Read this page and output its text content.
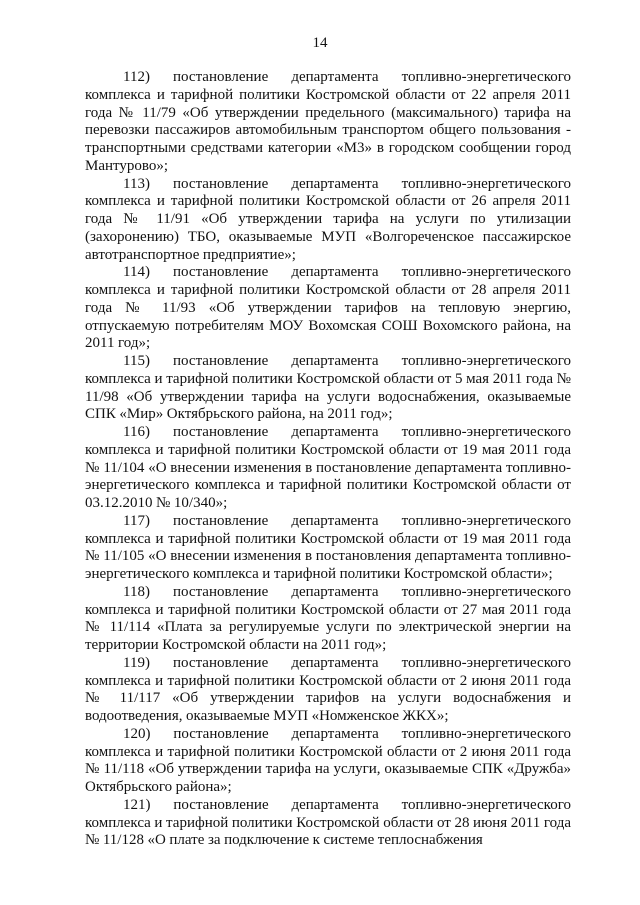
14

112) постановление департамента топливно-энергетического комплекса и тарифной политики Костромской области от 22 апреля 2011 года № 11/79 «Об утверждении предельного (максимального) тарифа на перевозки пассажиров автомобильным транспортом общего пользования - транспортными средствами категории «М3» в городском сообщении город Мантурово»;

113) постановление департамента топливно-энергетического комплекса и тарифной политики Костромской области от 26 апреля 2011 года № 11/91 «Об утверждении тарифа на услуги по утилизации (захоронению) ТБО, оказываемые МУП «Волгореченское пассажирское автотранспортное предприятие»;

114) постановление департамента топливно-энергетического комплекса и тарифной политики Костромской области от 28 апреля 2011 года № 11/93 «Об утверждении тарифов на тепловую энергию, отпускаемую потребителям МОУ Вохомская СОШ Вохомского района, на 2011 год»;

115) постановление департамента топливно-энергетического комплекса и тарифной политики Костромской области от 5 мая 2011 года № 11/98 «Об утверждении тарифа на услуги водоснабжения, оказываемые СПК «Мир» Октябрьского района, на 2011 год»;

116) постановление департамента топливно-энергетического комплекса и тарифной политики Костромской области от 19 мая 2011 года № 11/104 «О внесении изменения в постановление департамента топливно-энергетического комплекса и тарифной политики Костромской области от 03.12.2010 № 10/340»;

117) постановление департамента топливно-энергетического комплекса и тарифной политики Костромской области от 19 мая 2011 года № 11/105 «О внесении изменения в постановления департамента топливно-энергетического комплекса и тарифной политики Костромской области»;

118) постановление департамента топливно-энергетического комплекса и тарифной политики Костромской области от 27 мая 2011 года № 11/114 «Плата за регулируемые услуги по электрической энергии на территории Костромской области на 2011 год»;

119) постановление департамента топливно-энергетического комплекса и тарифной политики Костромской области от 2 июня 2011 года № 11/117 «Об утверждении тарифов на услуги водоснабжения и водоотведения, оказываемые МУП «Номженское ЖКХ»;

120) постановление департамента топливно-энергетического комплекса и тарифной политики Костромской области от 2 июня 2011 года № 11/118 «Об утверждении тарифа на услуги, оказываемые СПК «Дружба» Октябрьского района»;

121) постановление департамента топливно-энергетического комплекса и тарифной политики Костромской области от 28 июня 2011 года № 11/128 «О плате за подключение к системе теплоснабжения
